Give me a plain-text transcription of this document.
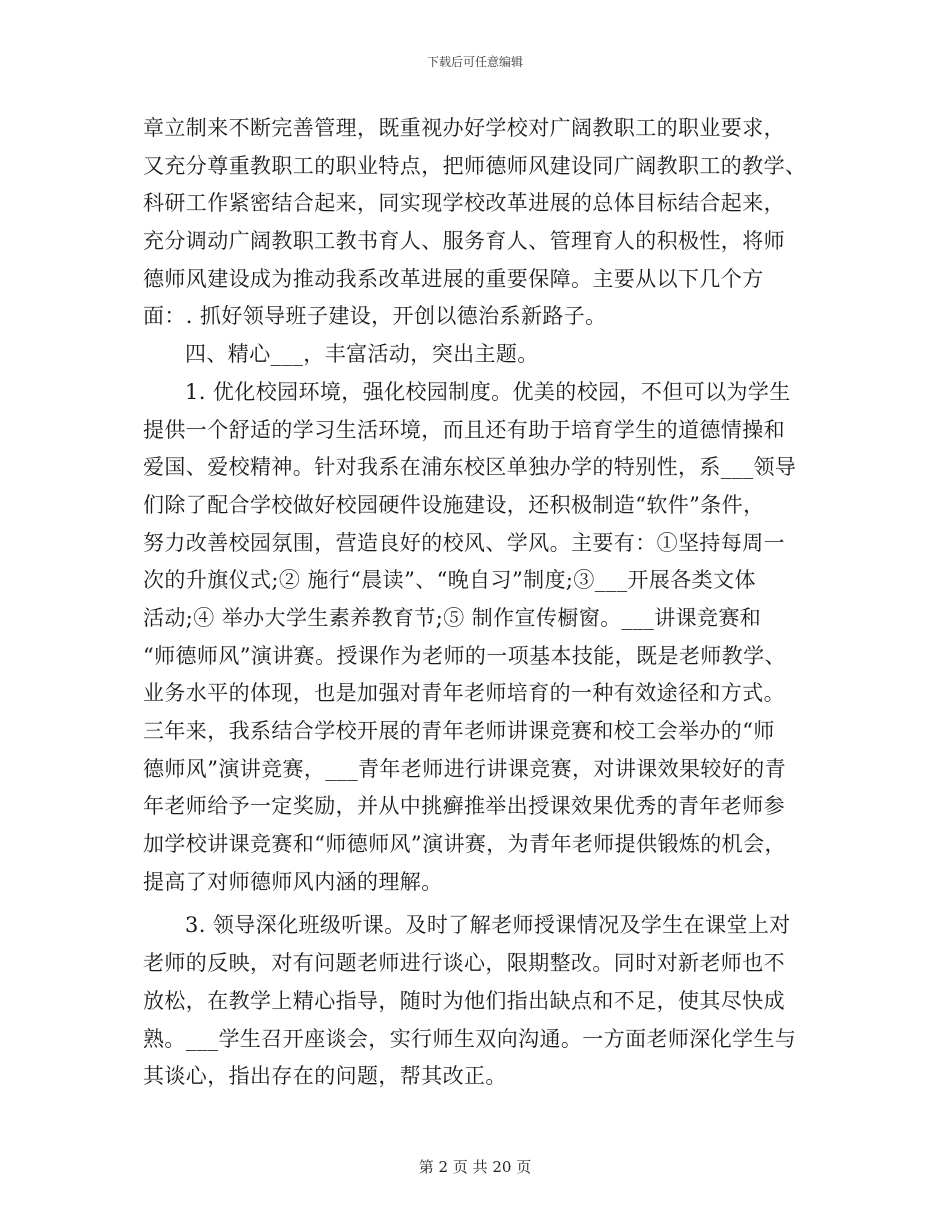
下载后可任意编辑
章立制来不断完善管理，既重视办好学校对广阔教职工的职业要求，
又充分尊重教职工的职业特点，把师德师风建设同广阔教职工的教学、
科研工作紧密结合起来，同实现学校改革进展的总体目标结合起来，
充分调动广阔教职工教书育人、服务育人、管理育人的积极性，将师
德师风建设成为推动我系改革进展的重要保障。主要从以下几个方
面：. 抓好领导班子建设，开创以德治系新路子。
四、精心___，丰富活动，突出主题。
1. 优化校园环境，强化校园制度。优美的校园，不但可以为学生
提供一个舒适的学习生活环境，而且还有助于培育学生的道德情操和
爱国、爱校精神。针对我系在浦东校区单独办学的特别性，系___领导
们除了配合学校做好校园硬件设施建设，还积极制造“软件”条件，
努力改善校园氛围，营造良好的校风、学风。主要有：①坚持每周一
次的升旗仪式;② 施行“晨读”、“晚自习”制度;③___开展各类文体
活动;④ 举办大学生素养教育节;⑤ 制作宣传橱窗。___讲课竞赛和
“师德师风”演讲赛。授课作为老师的一项基本技能，既是老师教学、
业务水平的体现，也是加强对青年老师培育的一种有效途径和方式。
三年来，我系结合学校开展的青年老师讲课竞赛和校工会举办的“师
德师风”演讲竞赛，___青年老师进行讲课竞赛，对讲课效果较好的青
年老师给予一定奖励，并从中挑癣推举出授课效果优秀的青年老师参
加学校讲课竞赛和“师德师风”演讲赛，为青年老师提供锻炼的机会，
提高了对师德师风内涵的理解。
3. 领导深化班级听课。及时了解老师授课情况及学生在课堂上对
老师的反映，对有问题老师进行谈心，限期整改。同时对新老师也不
放松，在教学上精心指导，随时为他们指出缺点和不足，使其尽快成
熟。___学生召开座谈会，实行师生双向沟通。一方面老师深化学生与
其谈心，指出存在的问题，帮其改正。
第 2 页 共 20 页
